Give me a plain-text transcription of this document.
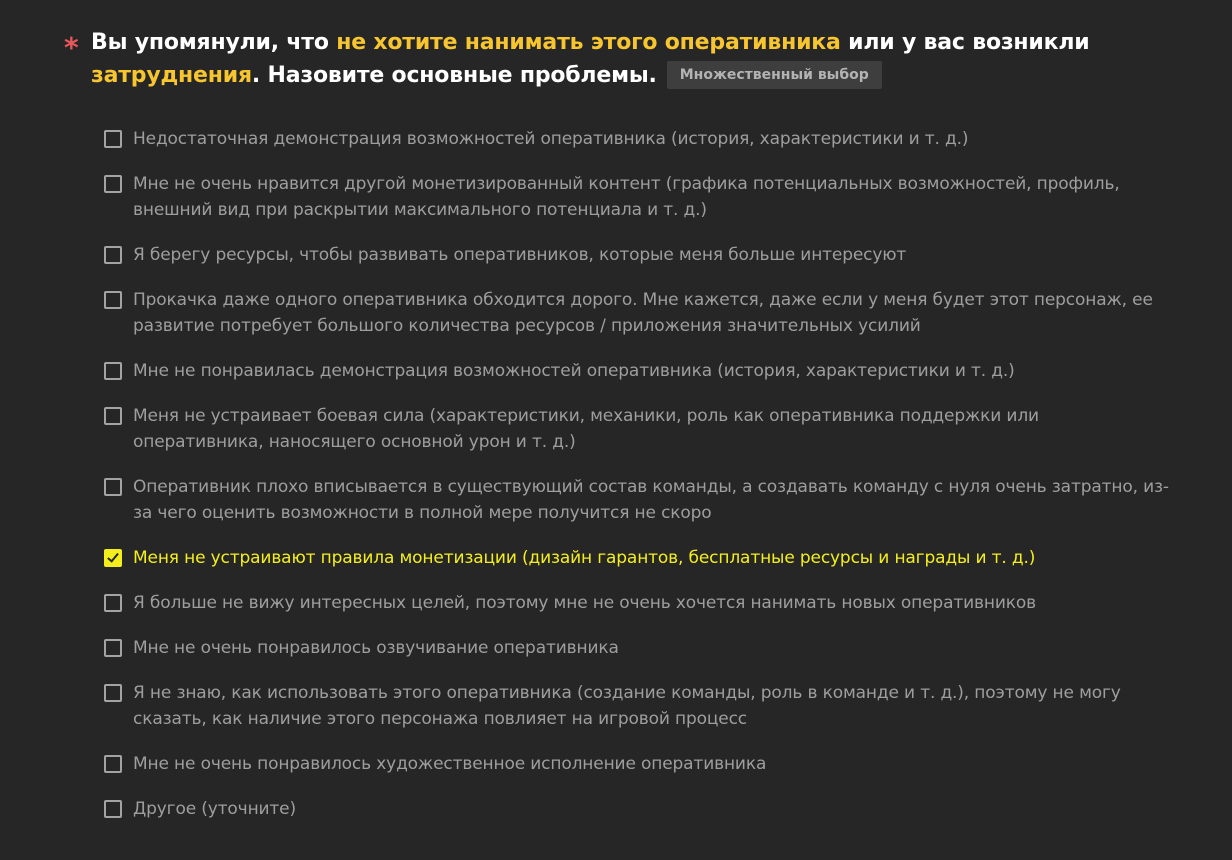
* Вы упомянули, что не хотите нанимать этого оперативника или у вас возникли затруднения. Назовите основные проблемы. Множественный выбор

Недостаточная демонстрация возможностей оперативника (история, характеристики и т. д.)
Мне не очень нравится другой монетизированный контент (графика потенциальных возможностей, профиль, внешний вид при раскрытии максимального потенциала и т. д.)
Я берегу ресурсы, чтобы развивать оперативников, которые меня больше интересуют
Прокачка даже одного оперативника обходится дорого. Мне кажется, даже если у меня будет этот персонаж, ее развитие потребует большого количества ресурсов / приложения значительных усилий
Мне не понравилась демонстрация возможностей оперативника (история, характеристики и т. д.)
Меня не устраивает боевая сила (характеристики, механики, роль как оперативника поддержки или оперативника, наносящего основной урон и т. д.)
Оперативник плохо вписывается в существующий состав команды, а создавать команду с нуля очень затратно, из-за чего оценить возможности в полной мере получится не скоро
Меня не устраивают правила монетизации (дизайн гарантов, бесплатные ресурсы и награды и т. д.)
Я больше не вижу интересных целей, поэтому мне не очень хочется нанимать новых оперативников
Мне не очень понравилось озвучивание оперативника
Я не знаю, как использовать этого оперативника (создание команды, роль в команде и т. д.), поэтому не могу сказать, как наличие этого персонажа повлияет на игровой процесс
Мне не очень понравилось художественное исполнение оперативника
Другое (уточните)
